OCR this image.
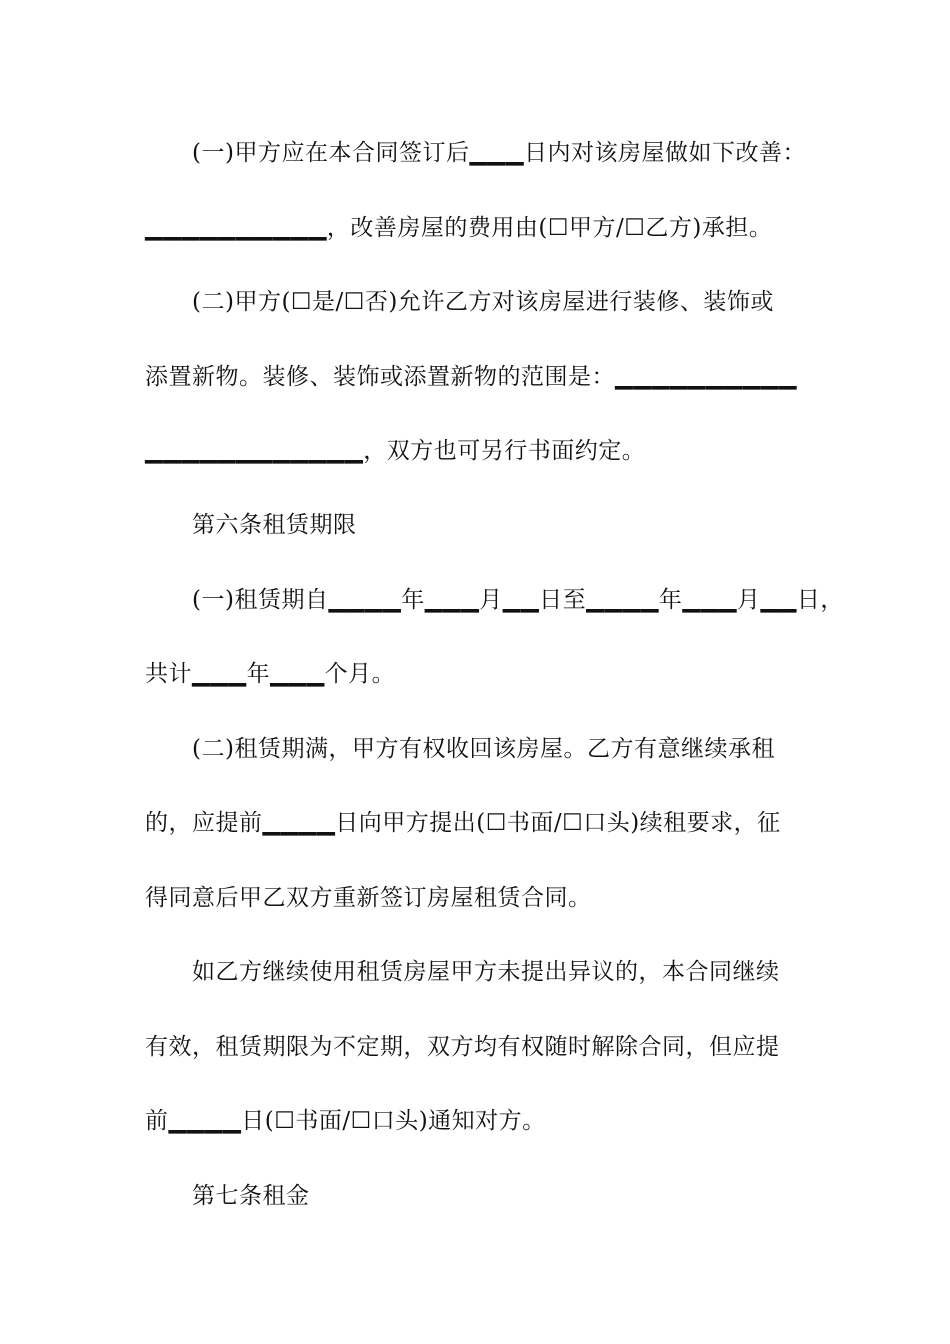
(一)甲方应在本合同签订后▁▁▁日内对该房屋做如下改善：

▁▁▁▁▁▁▁▁▁▁，改善房屋的费用由(☐甲方/☐乙方)承担。

(二)甲方(☐是/☐否)允许乙方对该房屋进行装修、装饰或

添置新物。装修、装饰或添置新物的范围是：▁▁▁▁▁▁▁▁▁▁

▁▁▁▁▁▁▁▁▁▁▁▁，双方也可另行书面约定。

第六条租赁期限

(一)租赁期自▁▁▁▁年▁▁▁月▁▁日至▁▁▁▁年▁▁▁月▁▁日，

共计▁▁▁年▁▁▁个月。

(二)租赁期满，甲方有权收回该房屋。乙方有意继续承租

的，应提前▁▁▁▁日向甲方提出(☐书面/☐口头)续租要求，征

得同意后甲乙双方重新签订房屋租赁合同。

如乙方继续使用租赁房屋甲方未提出异议的，本合同继续

有效，租赁期限为不定期，双方均有权随时解除合同，但应提

前▁▁▁▁日(☐书面/☐口头)通知对方。

第七条租金
